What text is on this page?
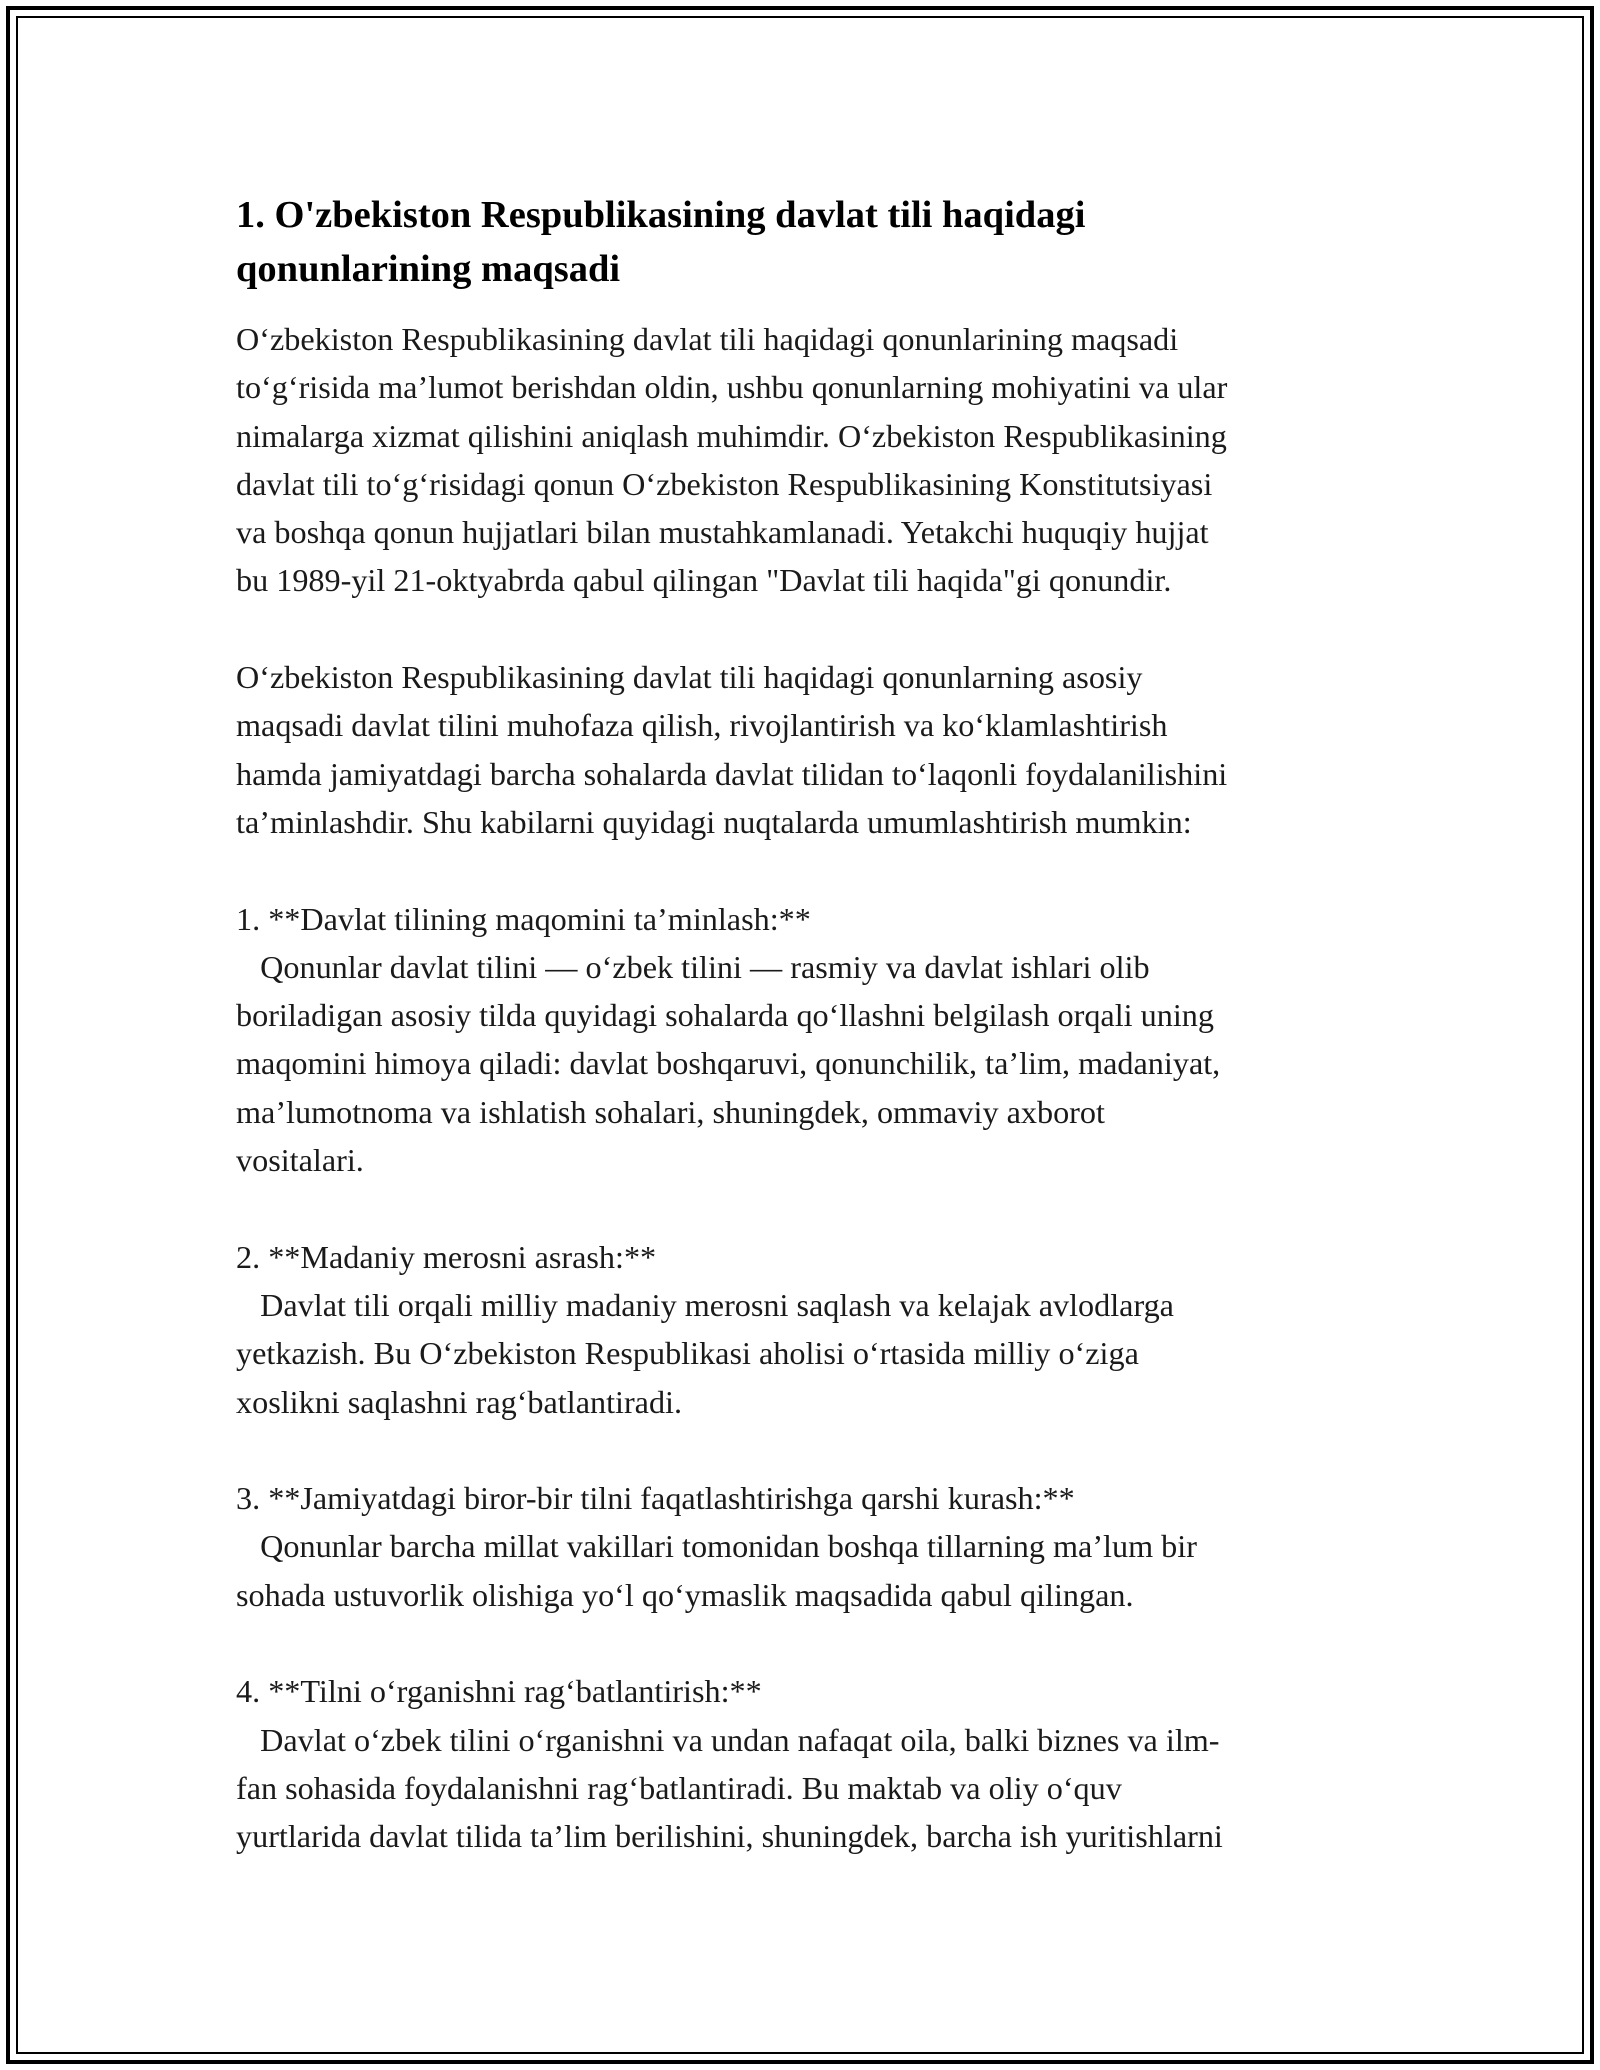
1. O'zbekiston Respublikasining davlat tili haqidagi
qonunlarining maqsadi
O‘zbekiston Respublikasining davlat tili haqidagi qonunlarining maqsadi
to‘g‘risida ma’lumot berishdan oldin, ushbu qonunlarning mohiyatini va ular
nimalarga xizmat qilishini aniqlash muhimdir. O‘zbekiston Respublikasining
davlat tili to‘g‘risidagi qonun O‘zbekiston Respublikasining Konstitutsiyasi
va boshqa qonun hujjatlari bilan mustahkamlanadi. Yetakchi huquqiy hujjat
bu 1989-yil 21-oktyabrda qabul qilingan "Davlat tili haqida"gi qonundir.
O‘zbekiston Respublikasining davlat tili haqidagi qonunlarning asosiy
maqsadi davlat tilini muhofaza qilish, rivojlantirish va ko‘klamlashtirish
hamda jamiyatdagi barcha sohalarda davlat tilidan to‘laqonli foydalanilishini
ta’minlashdir. Shu kabilarni quyidagi nuqtalarda umumlashtirish mumkin:
1. **Davlat tilining maqomini ta’minlash:**
Qonunlar davlat tilini — o‘zbek tilini — rasmiy va davlat ishlari olib
boriladigan asosiy tilda quyidagi sohalarda qo‘llashni belgilash orqali uning
maqomini himoya qiladi: davlat boshqaruvi, qonunchilik, ta’lim, madaniyat,
ma’lumotnoma va ishlatish sohalari, shuningdek, ommaviy axborot
vositalari.
2. **Madaniy merosni asrash:**
Davlat tili orqali milliy madaniy merosni saqlash va kelajak avlodlarga
yetkazish. Bu O‘zbekiston Respublikasi aholisi o‘rtasida milliy o‘ziga
xoslikni saqlashni rag‘batlantiradi.
3. **Jamiyatdagi biror-bir tilni faqatlashtirishga qarshi kurash:**
Qonunlar barcha millat vakillari tomonidan boshqa tillarning ma’lum bir
sohada ustuvorlik olishiga yo‘l qo‘ymaslik maqsadida qabul qilingan.
4. **Tilni o‘rganishni rag‘batlantirish:**
Davlat o‘zbek tilini o‘rganishni va undan nafaqat oila, balki biznes va ilm-
fan sohasida foydalanishni rag‘batlantiradi. Bu maktab va oliy o‘quv
yurtlarida davlat tilida ta’lim berilishini, shuningdek, barcha ish yuritishlarni
